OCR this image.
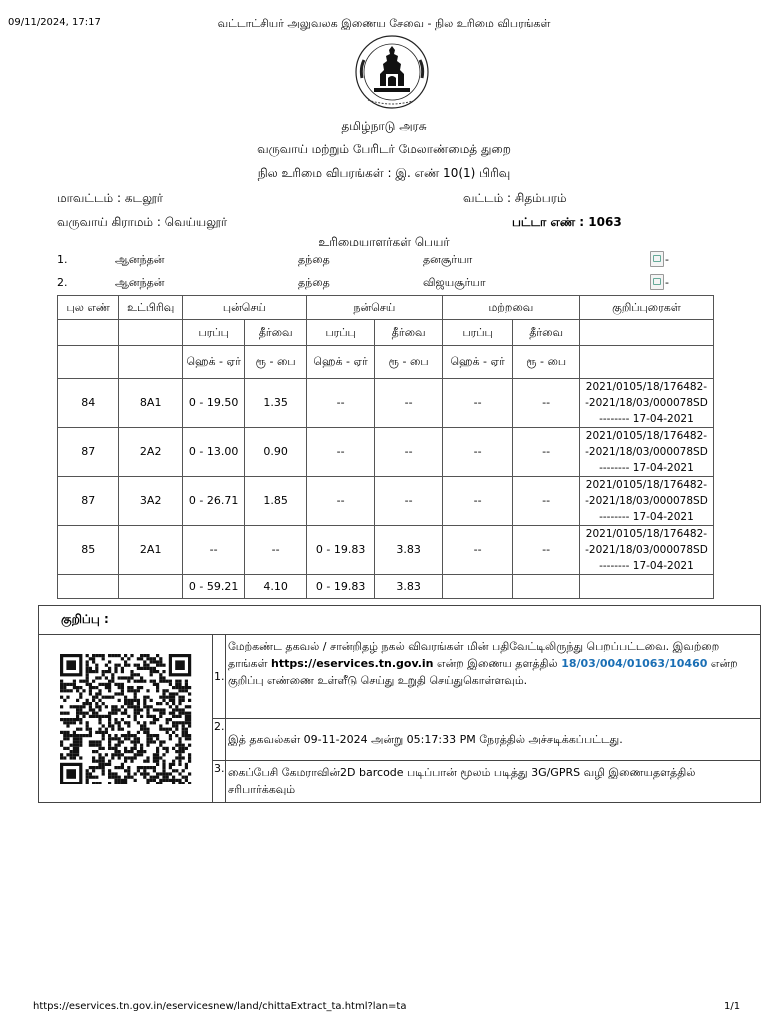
09/11/2024, 17:17	வட்டாட்சியர் அலுவலக இணைய சேவை - நில உரிமை விபரங்கள்
தமிழ்நாடு அரசு
வருவாய் மற்றும் பேரிடர் மேலாண்மைத் துறை
நில உரிமை விபரங்கள் : இ. எண் 10(1) பிரிவு
மாவட்டம் : கடலூர்	வட்டம் : சிதம்பரம்
வருவாய் கிராமம் : வெய்யலூர்	பட்டா எண் : 1063
உரிமையாளர்கள் பெயர்
1.	ஆனந்தன்	தந்தை	தனசூர்யா	-
2.	ஆனந்தன்	தந்தை	விஜயசூர்யா	-
புல எண்	உட்பிரிவு	புன்செய்		நன்செய்		மற்றவை		குறிப்புரைகள்
		பரப்பு	தீர்வை	பரப்பு	தீர்வை	பரப்பு	தீர்வை	
		ஹெக் - ஏர்	ரூ - பை	ஹெக் - ஏர்	ரூ - பை	ஹெக் - ஏர்	ரூ - பை	
84	8A1	0 - 19.50	1.35	--	--	--	--	2021/0105/18/176482-
-2021/18/03/000078SD
-------- 17-04-2021

87	2A2	0 - 13.00	0.90	--	--	--	--	2021/0105/18/176482-
-2021/18/03/000078SD
-------- 17-04-2021

87	3A2	0 - 26.71	1.85	--	--	--	--	2021/0105/18/176482-
-2021/18/03/000078SD
-------- 17-04-2021

85	2A1	--	--	0 - 19.83	3.83	--	--	2021/0105/18/176482-
-2021/18/03/000078SD
-------- 17-04-2021

		0 - 59.21	4.10	0 - 19.83	3.83			
குறிப்பு :		

	1.	மேற்கண்ட தகவல் / சான்றிதழ் நகல் விவரங்கள் மின் பதிவேட்டிலிருந்து பெறப்பட்டவை. இவற்றை தாங்கள் https://eservices.tn.gov.in என்ற இணைய தளத்தில் 18/03/004/01063/10460 என்ற குறிப்பு எண்ணை உள்ளீடு செய்து உறுதி செய்துகொள்ளவும்.
	2.	இத் தகவல்கள் 09-11-2024 அன்று 05:17:33 PM நேரத்தில் அச்சடிக்கப்பட்டது.
	3.	கைப்பேசி கேமராவின்2D barcode படிப்பான் மூலம் படித்து 3G/GPRS வழி இணையதளத்தில் சரிபார்க்கவும்
https://eservices.tn.gov.in/eservicesnew/land/chittaExtract_ta.html?lan=ta	1/1
